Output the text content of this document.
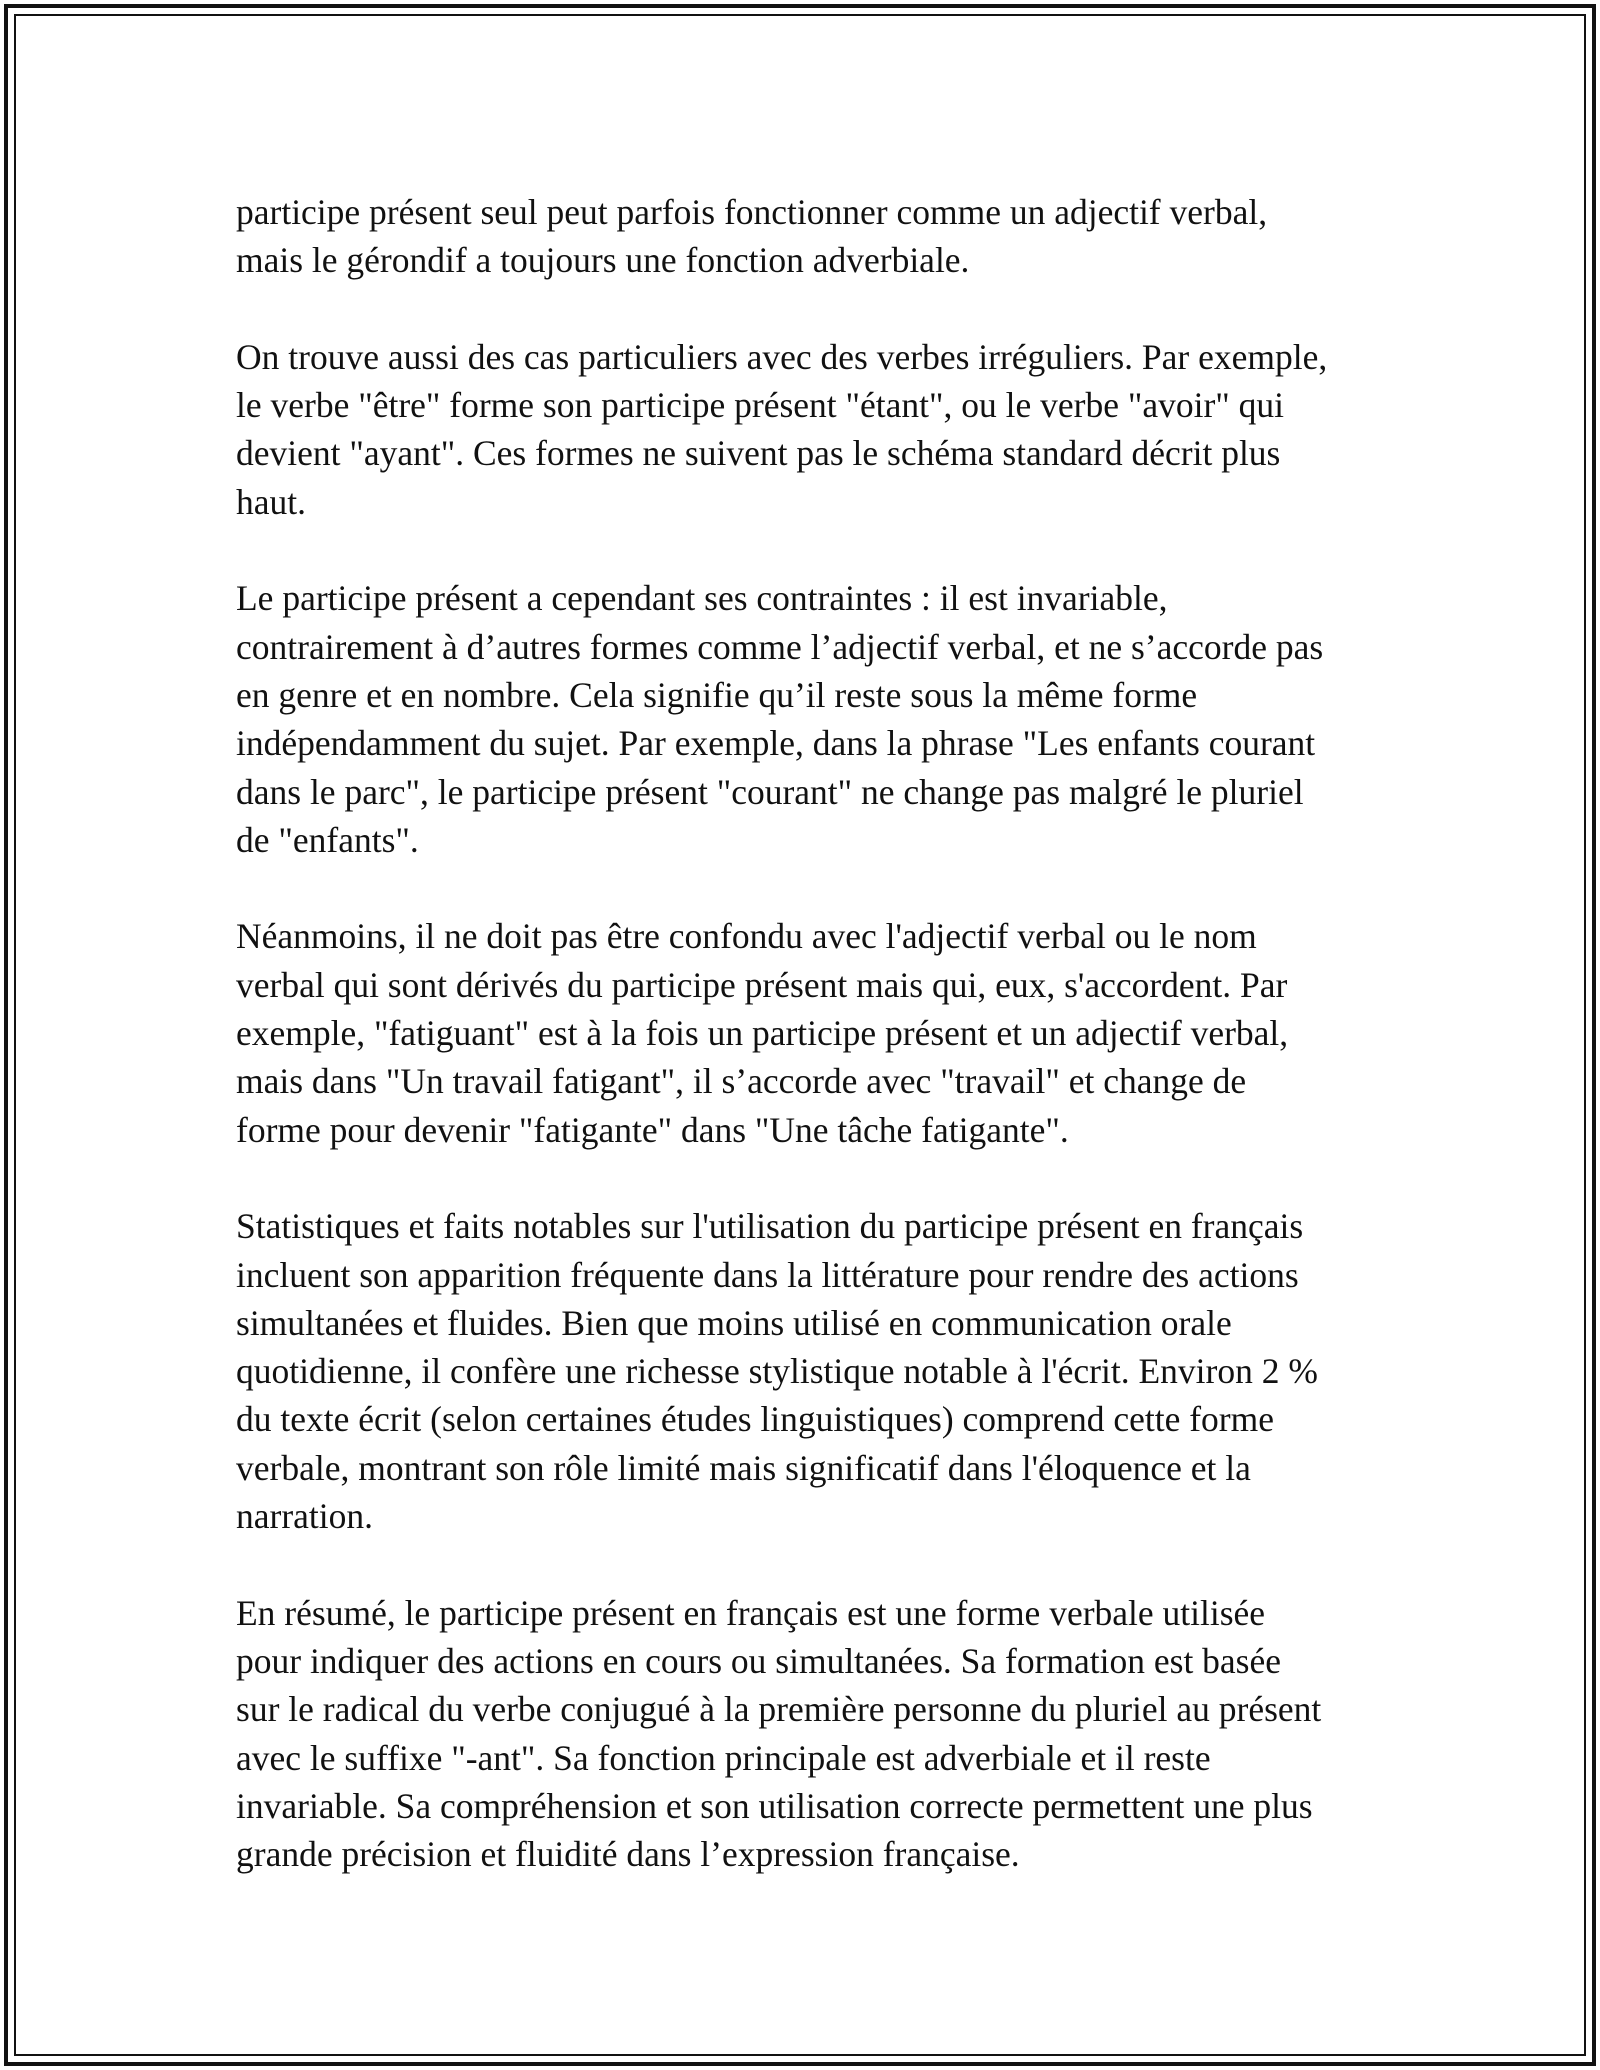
participe présent seul peut parfois fonctionner comme un adjectif verbal,
mais le gérondif a toujours une fonction adverbiale.

On trouve aussi des cas particuliers avec des verbes irréguliers. Par exemple,
le verbe "être" forme son participe présent "étant", ou le verbe "avoir" qui
devient "ayant". Ces formes ne suivent pas le schéma standard décrit plus
haut.

Le participe présent a cependant ses contraintes : il est invariable,
contrairement à d’autres formes comme l’adjectif verbal, et ne s’accorde pas
en genre et en nombre. Cela signifie qu’il reste sous la même forme
indépendamment du sujet. Par exemple, dans la phrase "Les enfants courant
dans le parc", le participe présent "courant" ne change pas malgré le pluriel
de "enfants".

Néanmoins, il ne doit pas être confondu avec l'adjectif verbal ou le nom
verbal qui sont dérivés du participe présent mais qui, eux, s'accordent. Par
exemple, "fatiguant" est à la fois un participe présent et un adjectif verbal,
mais dans "Un travail fatigant", il s’accorde avec "travail" et change de
forme pour devenir "fatigante" dans "Une tâche fatigante".

Statistiques et faits notables sur l'utilisation du participe présent en français
incluent son apparition fréquente dans la littérature pour rendre des actions
simultanées et fluides. Bien que moins utilisé en communication orale
quotidienne, il confère une richesse stylistique notable à l'écrit. Environ 2 %
du texte écrit (selon certaines études linguistiques) comprend cette forme
verbale, montrant son rôle limité mais significatif dans l'éloquence et la
narration.

En résumé, le participe présent en français est une forme verbale utilisée
pour indiquer des actions en cours ou simultanées. Sa formation est basée
sur le radical du verbe conjugué à la première personne du pluriel au présent
avec le suffixe "-ant". Sa fonction principale est adverbiale et il reste
invariable. Sa compréhension et son utilisation correcte permettent une plus
grande précision et fluidité dans l’expression française.
